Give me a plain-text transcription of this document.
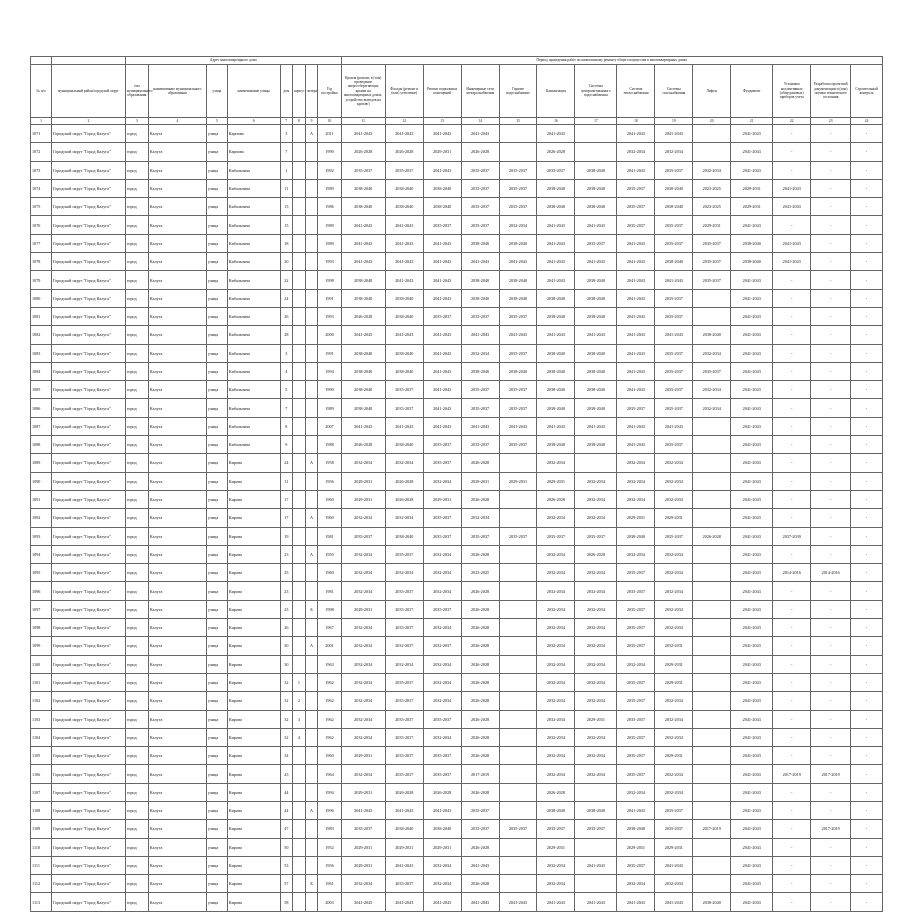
		Адрес многоквартирного дома								Период проведения работ по капитальному ремонту общего имущества в многоквартирных домах													
№ п/п	муниципальный район/городской округ	тип муниципального образования	наименование муниципального образования	улица	наименование улицы	дом	корпус	литера	Год постройки	Кровля (ремонт, в (том) проведение энергосберегающих крыши на многоквартирных домах, устройство выходов на кровлю)	Фасады (ремонт и (или) утепление)	Ремонт подвальных помещений	Инженерные сети электроснабжения	Горячее водоснабжение	Канализация	Системы централизованного водоснабжения	Система теплоснабжения	Системы газоснабжения	Лифты	Фундамент	Установка коллективных (общедомовых) приборов учета	Разработка проектной документации и (или) оценки технического состояния	Строительный контроль
1	2	3	4	5	6	7	8	9	10	11	12	13	14	15	16	17	18	19	20	21	22	23	24
1071	Городской округ "Город Калуга"	город	Калуга	улица	Карпова	3		А	2011	2041-2043	2041-2043	2041-2043	2041-2043		2041-2043		2041-2043	2041-2043		2041-2043	-	-	-
1072	Городской округ "Город Калуга"	город	Калуга	улица	Карпова	7			1990	2026-2028	2026-2028	2029-2031	2026-2028		2026-2028		2032-2034	2032-2034		2041-2043	-	-	-
1073	Городской округ "Город Калуга"	город	Калуга	улица	Кибальчича	1			1992	2035-2037	2035-2037	2041-2043	2035-2037	2035-2037	2035-2037	2038-2040	2041-2043	2035-2037	2032-2034	2041-2043	-	-	-
1074	Городской округ "Город Калуга"	город	Калуга	улица	Кибальчича	11			1989	2038-2040	2038-2040	2038-2040	2035-2037	2035-2037	2038-2040	2038-2040	2035-2037	2038-2040	2023-2025	2029-2031	2041-2043	-	-
1075	Городской округ "Город Калуга"	город	Калуга	улица	Кибальчича	13			1986	2038-2040	2038-2040	2038-2040	2035-2037	2035-2037	2038-2040	2038-2040	2035-2037	2038-2040	2023-2025	2029-2031	2041-2043	-	-
1076	Городской округ "Город Калуга"	город	Калуга	улица	Кибальчича	15			1989	2041-2043	2041-2043	2035-2037	2035-2037	2032-2034	2041-2043	2041-2043	2035-2037	2035-2037	2029-2031	2041-2043	-	-	-
1077	Городской округ "Город Калуга"	город	Калуга	улица	Кибальчича	18			1989	2041-2043	2041-2043	2041-2043	2038-2040	2038-2040	2041-2043	2035-2037	2041-2043	2035-2037	2035-2037	2038-2040	2041-2043	-	-
1078	Городской округ "Город Калуга"	город	Калуга	улица	Кибальчича	20			1993	2041-2043	2041-2043	2041-2043	2041-2043	2041-2043	2041-2043	2041-2043	2041-2043	2038-2040	2035-2037	2038-2040	2041-2043	-	-
1079	Городской округ "Город Калуга"	город	Калуга	улица	Кибальчича	22			1998	2038-2040	2041-2043	2041-2043	2038-2040	2038-2040	2041-2043	2038-2040	2041-2043	2041-2043	2035-2037	2041-2043	-	-	-
1080	Городской округ "Город Калуга"	город	Калуга	улица	Кибальчича	24			1991	2038-2040	2038-2040	2041-2043	2038-2040	2038-2040	2038-2040	2038-2040	2041-2043	2035-2037		2041-2043	-	-	-
1081	Городской округ "Город Калуга"	город	Калуга	улица	Кибальчича	26			1993	2026-2028	2038-2040	2035-2037	2035-2037	2035-2037	2038-2040	2038-2040	2041-2043	2035-2037		2041-2043	-	-	-
1082	Городской округ "Город Калуга"	город	Калуга	улица	Кибальчича	28			2000	2041-2043	2041-2043	2041-2043	2041-2043	2041-2043	2041-2043	2041-2043	2041-2043	2041-2043	2038-2040	2041-2043	-	-	-
1083	Городской округ "Город Калуга"	город	Калуга	улица	Кибальчича	3			1991	2038-2040	2038-2040	2041-2043	2032-2034	2035-2037	2038-2040	2038-2040	2041-2043	2035-2037	2032-2034	2041-2043	-	-	-
1084	Городской округ "Город Калуга"	город	Калуга	улица	Кибальчича	4			1994	2038-2040	2038-2040	2041-2043	2038-2040	2038-2040	2038-2040	2038-2040	2041-2043	2035-2037	2035-2037	2041-2043	-	-	-
1085	Городской округ "Город Калуга"	город	Калуга	улица	Кибальчича	5			1990	2038-2040	2035-2037	2041-2043	2035-2037	2035-2037	2038-2040	2038-2040	2041-2043	2035-2037	2032-2034	2041-2043	-	-	-
1086	Городской округ "Город Калуга"	город	Калуга	улица	Кибальчича	7			1989	2038-2040	2035-2037	2041-2043	2035-2037	2035-2037	2038-2040	2038-2040	2035-2037	2035-2037	2032-2034	2041-2043	-	-	-
1087	Городской округ "Город Калуга"	город	Калуга	улица	Кибальчича	8			2007	2041-2043	2041-2043	2041-2043	2041-2043	2041-2043	2041-2043	2041-2043	2041-2043	2041-2043		2041-2043	-	-	-
1088	Городской округ "Город Калуга"	город	Калуга	улица	Кибальчича	9			1988	2026-2028	2038-2040	2035-2037	2035-2037	2035-2037	2038-2040	2038-2040	2041-2043	2035-2037		2041-2043	-	-	-
1089	Городской округ "Город Калуга"	город	Калуга	улица	Кирова	24		А	1958	2032-2034	2032-2034	2035-2037	2026-2028		2032-2034		2032-2034	2032-2034		2041-2043	-	-	-
1090	Городской округ "Город Калуга"	город	Калуга	улица	Кирова	11			1956	2029-2031	2026-2028	2032-2034	2029-2031	2029-2031	2029-2031	2032-2034	2032-2034	2032-2034		2041-2043	-	-	-
1091	Городской округ "Город Калуга"	город	Калуга	улица	Кирова	17			1960	2029-2031	2026-2028	2029-2031	2026-2028		2026-2028	2032-2034	2032-2034	2032-2034		2041-2043	-	-	-
1092	Городской округ "Город Калуга"	город	Калуга	улица	Кирова	17		А	1960	2032-2034	2032-2034	2035-2037	2032-2034		2032-2034	2032-2034	2029-2031	2029-2031		2041-2043	-	-	-
1093	Городской округ "Город Калуга"	город	Калуга	улица	Кирова	19			1981	2035-2037	2038-2040	2035-2037	2035-2037	2035-2037	2035-2037	2035-2037	2038-2040	2035-2037	2026-2028	2041-2043	2037-2039	-	-
1094	Городской округ "Город Калуга"	город	Калуга	улица	Кирова	23		А	1950	2032-2034	2035-2037	2032-2034	2026-2028		2032-2034	2026-2028	2032-2034	2032-2034		2041-2043	-	-	-
1095	Городской округ "Город Калуга"	город	Калуга	улица	Кирова	25			1960	2032-2034	2032-2034	2032-2034	2023-2025		2032-2034	2032-2034	2035-2037	2032-2034		2041-2043	2014-2016	2014-2016	-
1096	Городской округ "Город Калуга"	город	Калуга	улица	Кирова	23			1981	2032-2034	2035-2037	2032-2034	2026-2028		2032-2034	2032-2034	2035-2037	2032-2034		2041-2043	-	-	-
1097	Городской округ "Город Калуга"	город	Калуга	улица	Кирова	23		Б	1998	2029-2031	2035-2037	2035-2037	2026-2028		2032-2034	2032-2034	2035-2037	2032-2034		2041-2043	-	-	-
1098	Городской округ "Город Калуга"	город	Калуга	улица	Кирова	26			1967	2032-2034	2035-2037	2032-2034	2026-2028		2032-2034	2032-2034	2035-2037	2032-2034		2041-2043	-	-	-
1099	Городской округ "Город Калуга"	город	Калуга	улица	Кирова	30		А	2001	2032-2034	2032-2037	2032-2037	2026-2028		2032-2034	2032-2034	2035-2037	2032-2031		2041-2043	-	-	-
1100	Городской округ "Город Калуга"	город	Калуга	улица	Кирова	30			1963	2032-2034	2032-2034	2032-2034	2026-2028		2032-2034	2032-2034	2032-2034	2029-2031		2041-2043	-	-	-
1101	Городской округ "Город Калуга"	город	Калуга	улица	Кирова	32	1		1962	2032-2034	2035-2037	2032-2034	2026-2028		2032-2034	2032-2034	2035-2037	2029-2031		2041-2043	-	-	-
1102	Городской округ "Город Калуга"	город	Калуга	улица	Кирова	32	2		1962	2032-2034	2035-2037	2032-2034	2026-2028		2032-2034	2032-2034	2035-2037	2032-2034		2041-2043	-	-	-
1103	Городской округ "Город Калуга"	город	Калуга	улица	Кирова	32	3		1962	2032-2034	2035-2037	2035-2037	2026-2028		2032-2034	2029-2031	2035-2037	2032-2034		2041-2043	-	-	-
1104	Городской округ "Город Калуга"	город	Калуга	улица	Кирова	32	4		1962	2032-2034	2035-2037	2032-2034	2026-2028		2032-2034	2032-2034	2035-2037	2032-2034		2041-2043	-	-	-
1105	Городской округ "Город Калуга"	город	Калуга	улица	Кирова	34			1960	2029-2031	2035-2037	2035-2037	2026-2028		2032-2034	2032-2034	2035-2037	2029-2031		2041-2043	-	-	-
1106	Городской округ "Город Калуга"	город	Калуга	улица	Кирова	43			1964	2032-2034	2035-2037	2035-2037	2017-2019		2032-2034	2032-2034	2035-2037	2032-2034		2041-2043	2017-2019	2017-2019	-
1107	Городской округ "Город Калуга"	город	Калуга	улица	Кирова	44			1994	2029-2031	2026-2028	2026-2028	2026-2028		2026-2028		2032-2034	2032-2034		2041-2043	-	-	-
1108	Городской округ "Город Калуга"	город	Калуга	улица	Кирова	44		А	1996	2041-2043	2041-2043	2041-2043	2035-2037		2038-2040	2038-2040	2041-2043	2035-2037		2041-2043	-	-	-
1109	Городской округ "Город Калуга"	город	Калуга	улица	Кирова	47			1983	2035-2037	2038-2040	2038-2040	2035-2037	2035-2037	2035-2037	2035-2037	2038-2040	2035-2037	2017-2019	2041-2043	-	2017-2019	-
1110	Городской округ "Город Калуга"	город	Калуга	улица	Кирова	50			1952	2029-2031	2029-2031	2029-2031	2026-2028		2029-2031		2029-2031	2029-2031		2041-2043	-	-	-
1111	Городской округ "Город Калуга"	город	Калуга	улица	Кирова	53			1956	2029-2031	2041-2043	2032-2034	2041-2043		2032-2034	2041-2043	2035-2037	2041-2043		2041-2043	-	-	-
1112	Городской округ "Город Калуга"	город	Калуга	улица	Кирова	57		Б	1961	2032-2034	2035-2037	2032-2034	2026-2028		2032-2034		2032-2034	2032-2034		2041-2043	-	-	-
1113	Городской округ "Город Калуга"	город	Калуга	улица	Кирова	58			2003	2041-2043	2041-2043	2041-2043	2041-2043	2041-2043	2041-2043	2041-2043	2041-2043	2041-2043	2038-2040	2041-2043	-	-	-
